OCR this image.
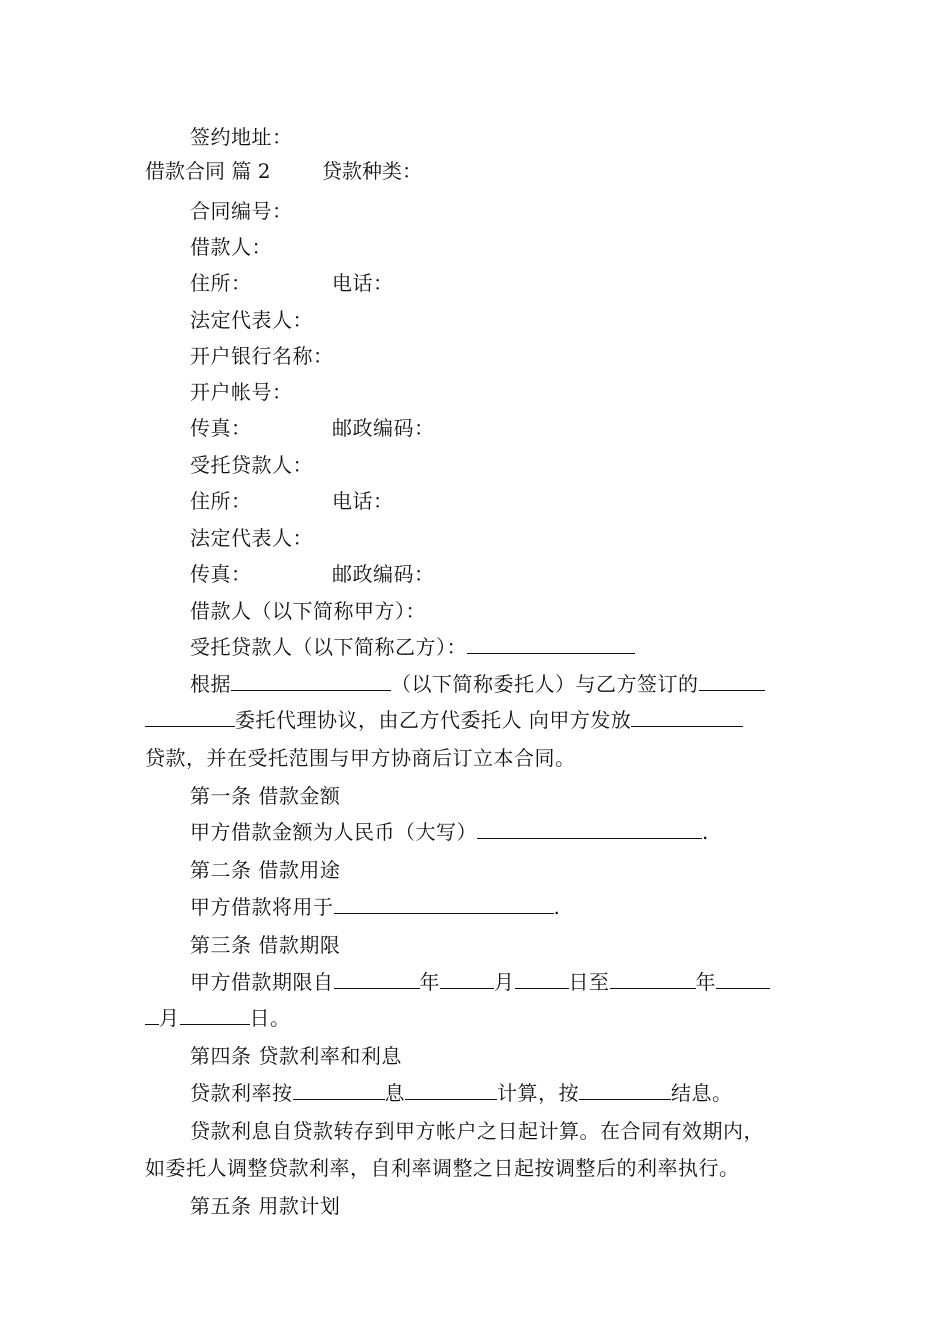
签约地址：
借款合同 篇 2	贷款种类：
合同编号：
借款人：
住所：	电话：
法定代表人：
开户银行名称：
开户帐号：
传真：	邮政编码：
受托贷款人：
住所：	电话：
法定代表人：
传真：	邮政编码：
借款人（以下简称甲方）：
受托贷款人（以下简称乙方）：
根据	（以下简称委托人）与乙方签订的
委托代理协议，由乙方代委托人 向甲方发放
贷款，并在受托范围与甲方协商后订立本合同。
第一条 借款金额
甲方借款金额为人民币（大写）	.
第二条 借款用途
甲方借款将用于	.
第三条 借款期限
甲方借款期限自	年	月	日至	年
月	日。
第四条 贷款利率和利息
贷款利率按	息	计算，按	结息。
贷款利息自贷款转存到甲方帐户之日起计算。在合同有效期内，
如委托人调整贷款利率，自利率调整之日起按调整后的利率执行。
第五条 用款计划
